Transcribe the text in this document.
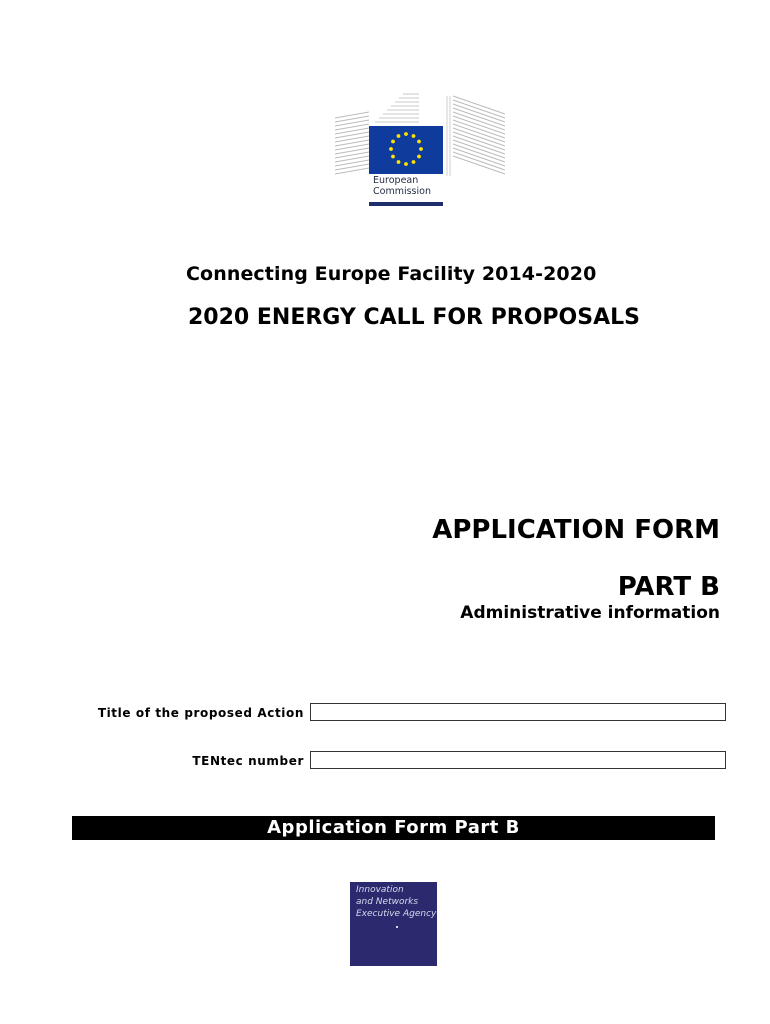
European
Commission
Connecting Europe Facility 2014-2020
2020 ENERGY CALL FOR PROPOSALS
APPLICATION FORM
PART B
Administrative information
Title of the proposed Action
TENtec number
Application Form Part B
Innovation
and Networks
Executive Agency
